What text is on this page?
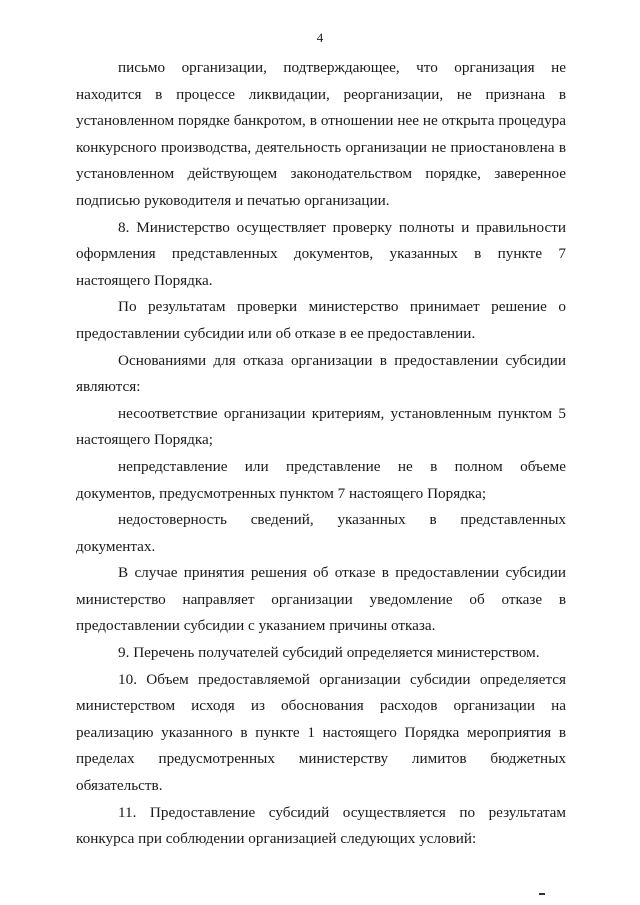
4

письмо организации, подтверждающее, что организация не находится в процессе ликвидации, реорганизации, не признана в установленном порядке банкротом, в отношении нее не открыта процедура конкурсного производства, деятельность организации не приостановлена в установленном действующем законодательством порядке, заверенное подписью руководителя и печатью организации.

8. Министерство осуществляет проверку полноты и правильности оформления представленных документов, указанных в пункте 7 настоящего Порядка.

По результатам проверки министерство принимает решение о предоставлении субсидии или об отказе в ее предоставлении.

Основаниями для отказа организации в предоставлении субсидии являются:

несоответствие организации критериям, установленным пунктом 5 настоящего Порядка;

непредставление или представление не в полном объеме документов, предусмотренных пунктом 7 настоящего Порядка;

недостоверность сведений, указанных в представленных документах.

В случае принятия решения об отказе в предоставлении субсидии министерство направляет организации уведомление об отказе в предоставлении субсидии с указанием причины отказа.

9. Перечень получателей субсидий определяется министерством.

10. Объем предоставляемой организации субсидии определяется министерством исходя из обоснования расходов организации на реализацию указанного в пункте 1 настоящего Порядка мероприятия в пределах предусмотренных министерству лимитов бюджетных обязательств.

11. Предоставление субсидий осуществляется по результатам конкурса при соблюдении организацией следующих условий:
